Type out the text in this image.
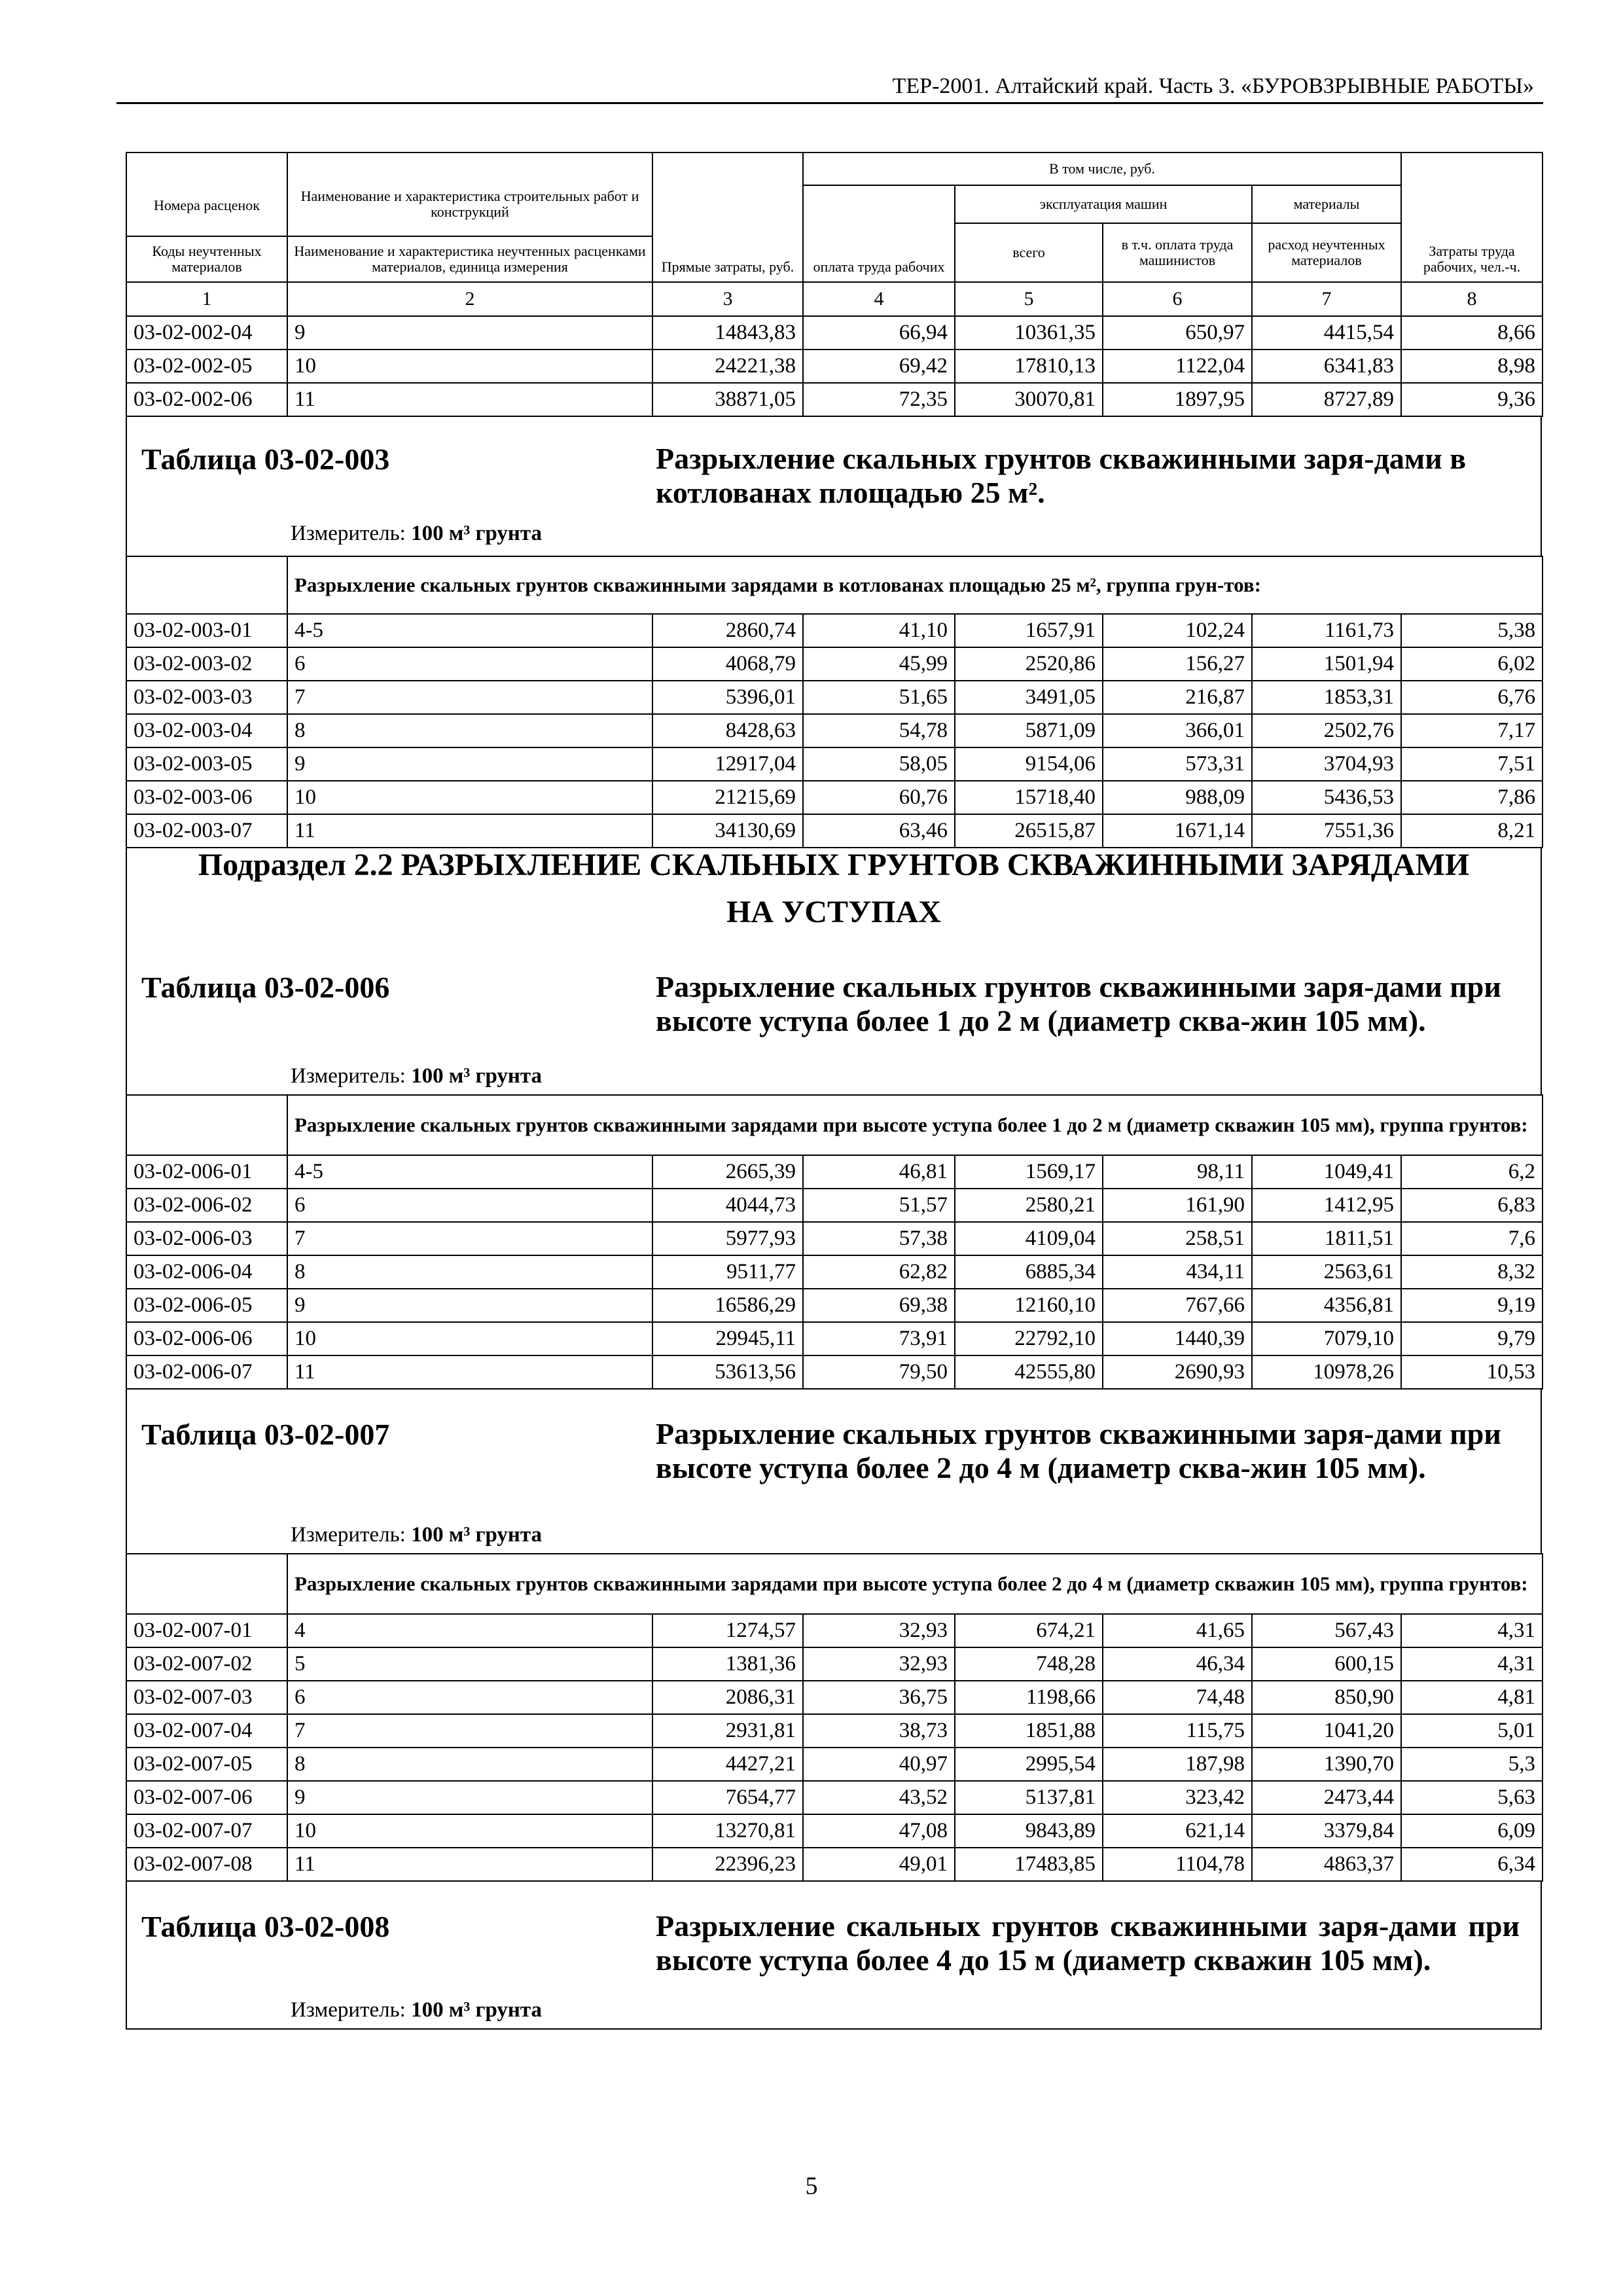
ТЕР-2001. Алтайский край. Часть 3. «БУРОВЗРЫВНЫЕ РАБОТЫ»
Номера расценок	Наименование и характеристика строительных работ и конструкций	Прямые затраты, руб.	В том числе, руб.				Затраты труда рабочих, чел.-ч.
			оплата труда рабочих	эксплуатация машин		материалы	
				всего	в т.ч. оплата труда машинистов	расход неучтенных материалов	
Коды неучтенных материалов	Наименование и характеристика неучтенных расценками материалов, единица измерения						
1	2	3	4	5	6	7	8
03-02-002-04	9	14843,83	66,94	10361,35	650,97	4415,54	8,66
03-02-002-05	10	24221,38	69,42	17810,13	1122,04	6341,83	8,98
03-02-002-06	11	38871,05	72,35	30070,81	1897,95	8727,89	9,36
Таблица 03-02-003	Разрыхление скальных грунтов скважинными заря-дами в котлованах площадью 25 м².
Измеритель: 100 м³ грунта
	Разрыхление скальных грунтов скважинными зарядами в котлованах площадью 25 м², группа грун-тов:						
03-02-003-01	4-5	2860,74	41,10	1657,91	102,24	1161,73	5,38
03-02-003-02	6	4068,79	45,99	2520,86	156,27	1501,94	6,02
03-02-003-03	7	5396,01	51,65	3491,05	216,87	1853,31	6,76
03-02-003-04	8	8428,63	54,78	5871,09	366,01	2502,76	7,17
03-02-003-05	9	12917,04	58,05	9154,06	573,31	3704,93	7,51
03-02-003-06	10	21215,69	60,76	15718,40	988,09	5436,53	7,86
03-02-003-07	11	34130,69	63,46	26515,87	1671,14	7551,36	8,21
Подраздел 2.2 РАЗРЫХЛЕНИЕ СКАЛЬНЫХ ГРУНТОВ СКВАЖИННЫМИ ЗАРЯДАМИ
НА УСТУПАХ
Таблица 03-02-006	Разрыхление скальных грунтов скважинными заря-дами при высоте уступа более 1 до 2 м (диаметр сква-жин 105 мм).
Измеритель: 100 м³ грунта
	Разрыхление скальных грунтов скважинными зарядами при высоте уступа более 1 до 2 м (диаметр скважин 105 мм), группа грунтов:						
03-02-006-01	4-5	2665,39	46,81	1569,17	98,11	1049,41	6,2
03-02-006-02	6	4044,73	51,57	2580,21	161,90	1412,95	6,83
03-02-006-03	7	5977,93	57,38	4109,04	258,51	1811,51	7,6
03-02-006-04	8	9511,77	62,82	6885,34	434,11	2563,61	8,32
03-02-006-05	9	16586,29	69,38	12160,10	767,66	4356,81	9,19
03-02-006-06	10	29945,11	73,91	22792,10	1440,39	7079,10	9,79
03-02-006-07	11	53613,56	79,50	42555,80	2690,93	10978,26	10,53
Таблица 03-02-007	Разрыхление скальных грунтов скважинными заря-дами при высоте уступа более 2 до 4 м (диаметр сква-жин 105 мм).
Измеритель: 100 м³ грунта
	Разрыхление скальных грунтов скважинными зарядами при высоте уступа более 2 до 4 м (диаметр скважин 105 мм), группа грунтов:						
03-02-007-01	4	1274,57	32,93	674,21	41,65	567,43	4,31
03-02-007-02	5	1381,36	32,93	748,28	46,34	600,15	4,31
03-02-007-03	6	2086,31	36,75	1198,66	74,48	850,90	4,81
03-02-007-04	7	2931,81	38,73	1851,88	115,75	1041,20	5,01
03-02-007-05	8	4427,21	40,97	2995,54	187,98	1390,70	5,3
03-02-007-06	9	7654,77	43,52	5137,81	323,42	2473,44	5,63
03-02-007-07	10	13270,81	47,08	9843,89	621,14	3379,84	6,09
03-02-007-08	11	22396,23	49,01	17483,85	1104,78	4863,37	6,34
Таблица 03-02-008	Разрыхление скальных грунтов скважинными заря-дами при высоте уступа более 4 до 15 м (диаметр скважин 105 мм).
Измеритель: 100 м³ грунта
5
